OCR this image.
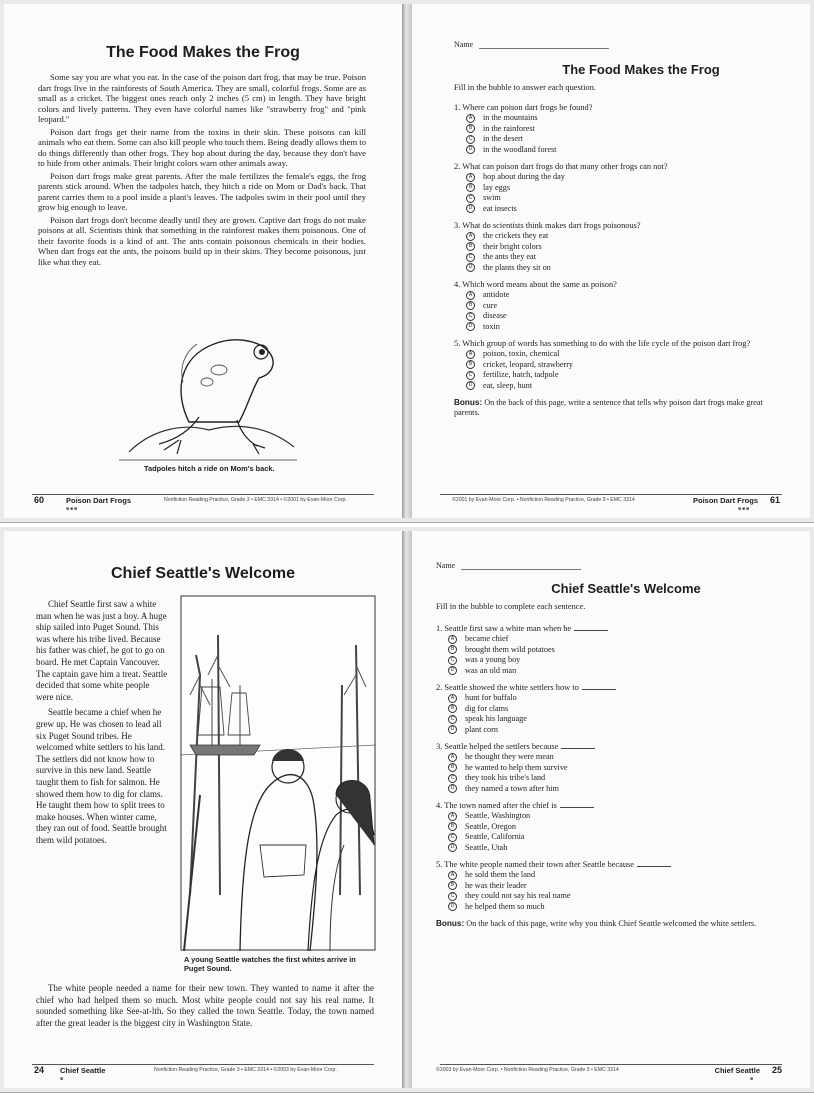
The Food Makes the Frog

Some say you are what you eat. In the case of the poison dart frog, that may be true. Poison dart frogs live in the rainforests of South America. They are small, colorful frogs. Some are as small as a cricket. The biggest ones reach only 2 inches (5 cm) in length. They have bright colors and lively patterns. They even have colorful names like "strawberry frog" and "pink leopard."

Poison dart frogs get their name from the toxins in their skin. These poisons can kill animals who eat them. Some can also kill people who touch them. Being deadly allows them to do things differently than other frogs. They hop about during the day, because they don't have to hide from other animals. Their bright colors warn other animals away.

Poison dart frogs make great parents. After the male fertilizes the female's eggs, the frog parents stick around. When the tadpoles hatch, they hitch a ride on Mom or Dad's back. That parent carries them to a pool inside a plant's leaves. The tadpoles swim in their pool until they grow big enough to leave.

Poison dart frogs don't become deadly until they are grown. Captive dart frogs do not make poisons at all. Scientists think that something in the rainforest makes them poisonous. One of their favorite foods is a kind of ant. The ants contain poisonous chemicals in their bodies. When dart frogs eat the ants, the poisons build up in their skins. They become poisonous, just like what they eat.

Tadpoles hitch a ride on Mom's back.
60	Poison Dart Frogs	Nonfiction Reading Practice, Grade 3 • EMC 3314 • ©2001 by Evan-Moor Corp.
■■■
Name
The Food Makes the Frog
Fill in the bubble to answer each question.
1. Where can poison dart frogs be found?
A	in the mountains
B	in the rainforest
C	in the desert
D	in the woodland forest
2. What can poison dart frogs do that many other frogs can not?
A	hop about during the day
B	lay eggs
C	swim
D	eat insects
3. What do scientists think makes dart frogs poisonous?
A	the crickets they eat
B	their bright colors
C	the ants they eat
D	the plants they sit on
4. Which word means about the same as poison?
A	antidote
B	cure
C	disease
D	toxin
5. Which group of words has something to do with the life cycle of the poison dart frog?
A	poison, toxin, chemical
B	cricket, leopard, strawberry
C	fertilize, hatch, tadpole
D	eat, sleep, hunt
Bonus: On the back of this page, write a sentence that tells why poison dart frogs make great parents.
©2001 by Evan-Moor Corp. • Nonfiction Reading Practice, Grade 3 • EMC 3314	Poison Dart Frogs 61
■■■
Chief Seattle's Welcome

Chief Seattle first saw a white man when he was just a boy. A huge ship sailed into Puget Sound. This was where his tribe lived. Because his father was chief, he got to go on board. He met Captain Vancouver. The captain gave him a treat. Seattle decided that some white people were nice.

Seattle became a chief when he grew up. He was chosen to lead all six Puget Sound tribes. He welcomed white settlers to his land. The settlers did not know how to survive in this new land. Seattle taught them to fish for salmon. He showed them how to dig for clams. He taught them how to split trees to make houses. When winter came, they ran out of food. Seattle brought them wild potatoes.

A young Seattle watches the first whites arrive in Puget Sound.

The white people needed a name for their new town. They wanted to name it after the chief who had helped them so much. Most white people could not say his real name. It sounded something like See-at-lth. So they called the town Seattle. Today, the town named after the great leader is the biggest city in Washington State.

24 Chief Seattle	Nonfiction Reading Practice, Grade 3 • EMC 3314 • ©2003 by Evan-Moor Corp.
■
Name
Chief Seattle's Welcome
Fill in the bubble to complete each sentence.
1. Seattle first saw a white man when he
A	became chief
B	brought them wild potatoes
C	was a young boy
D	was an old man
2. Seattle showed the white settlers how to
A	hunt for buffalo
B	dig for clams
C	speak his language
D	plant corn
3. Seattle helped the settlers because
A	he thought they were mean
B	he wanted to help them survive
C	they took his tribe's land
D	they named a town after him
4. The town named after the chief is
A	Seattle, Washington
B	Seattle, Oregon
C	Seattle, California
D	Seattle, Utah
5. The white people named their town after Seattle because
A	he sold them the land
B	he was their leader
C	they could not say his real name
D	he helped them so much
Bonus: On the back of this page, write why you think Chief Seattle welcomed the white settlers.
©2003 by Evan-Moor Corp. • Nonfiction Reading Practice, Grade 3 • EMC 3314	Chief Seattle 25
■
